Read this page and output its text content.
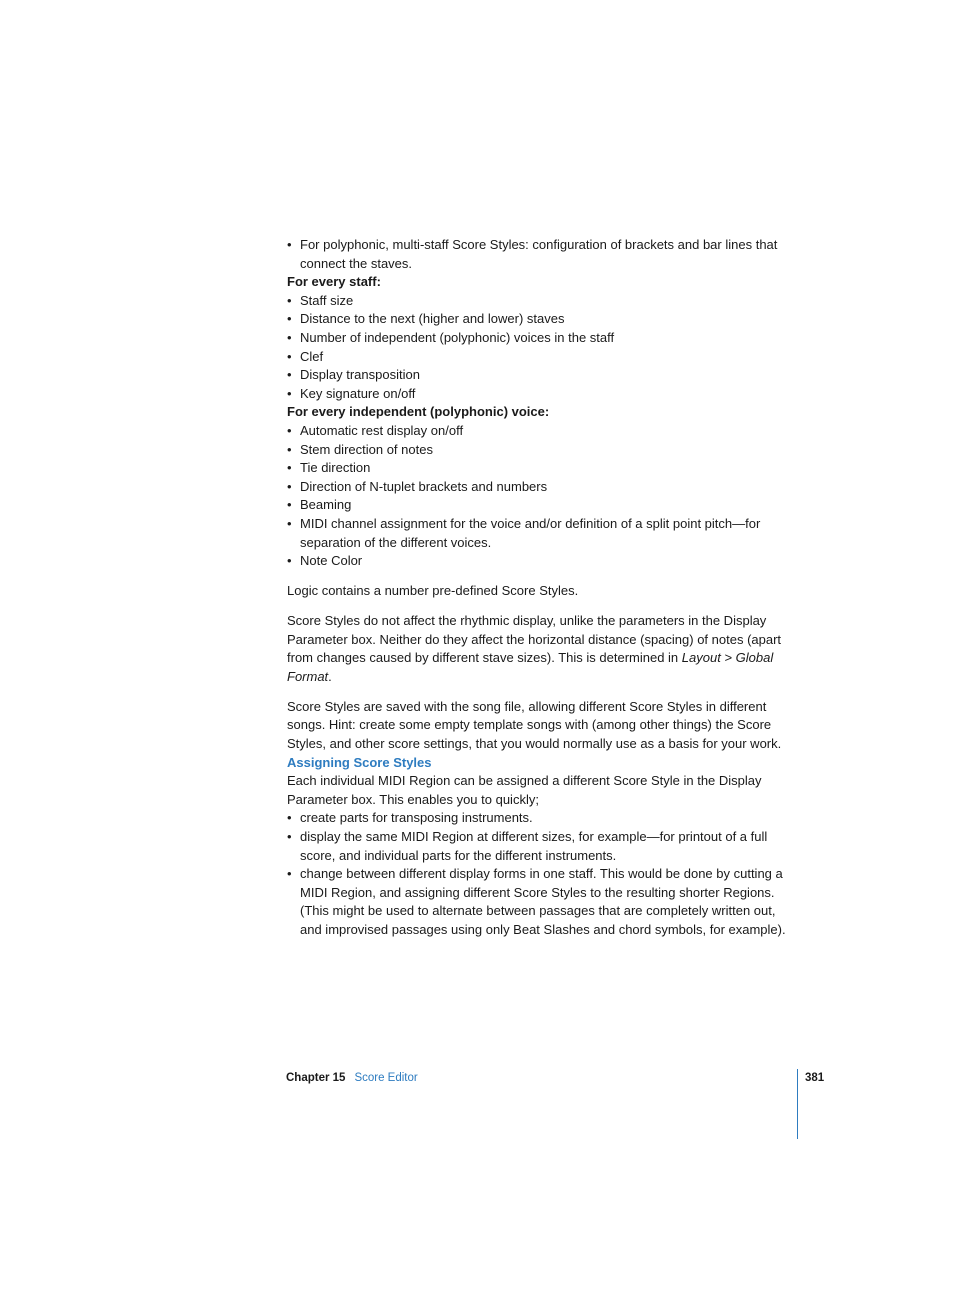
• For polyphonic, multi-staff Score Styles: configuration of brackets and bar lines that connect the staves.

For every staff:

• Staff size
• Distance to the next (higher and lower) staves
• Number of independent (polyphonic) voices in the staff
• Clef
• Display transposition
• Key signature on/off

For every independent (polyphonic) voice:

• Automatic rest display on/off
• Stem direction of notes
• Tie direction
• Direction of N-tuplet brackets and numbers
• Beaming
• MIDI channel assignment for the voice and/or definition of a split point pitch—for separation of the different voices.
• Note Color

Logic contains a number pre-defined Score Styles.

Score Styles do not affect the rhythmic display, unlike the parameters in the Display Parameter box. Neither do they affect the horizontal distance (spacing) of notes (apart from changes caused by different stave sizes). This is determined in Layout > Global Format.

Score Styles are saved with the song file, allowing different Score Styles in different songs. Hint: create some empty template songs with (among other things) the Score Styles, and other score settings, that you would normally use as a basis for your work.

Assigning Score Styles

Each individual MIDI Region can be assigned a different Score Style in the Display Parameter box. This enables you to quickly;

• create parts for transposing instruments.
• display the same MIDI Region at different sizes, for example—for printout of a full score, and individual parts for the different instruments.
• change between different display forms in one staff. This would be done by cutting a MIDI Region, and assigning different Score Styles to the resulting shorter Regions. (This might be used to alternate between passages that are completely written out, and improvised passages using only Beat Slashes and chord symbols, for example).
Chapter 15 Score Editor	381
